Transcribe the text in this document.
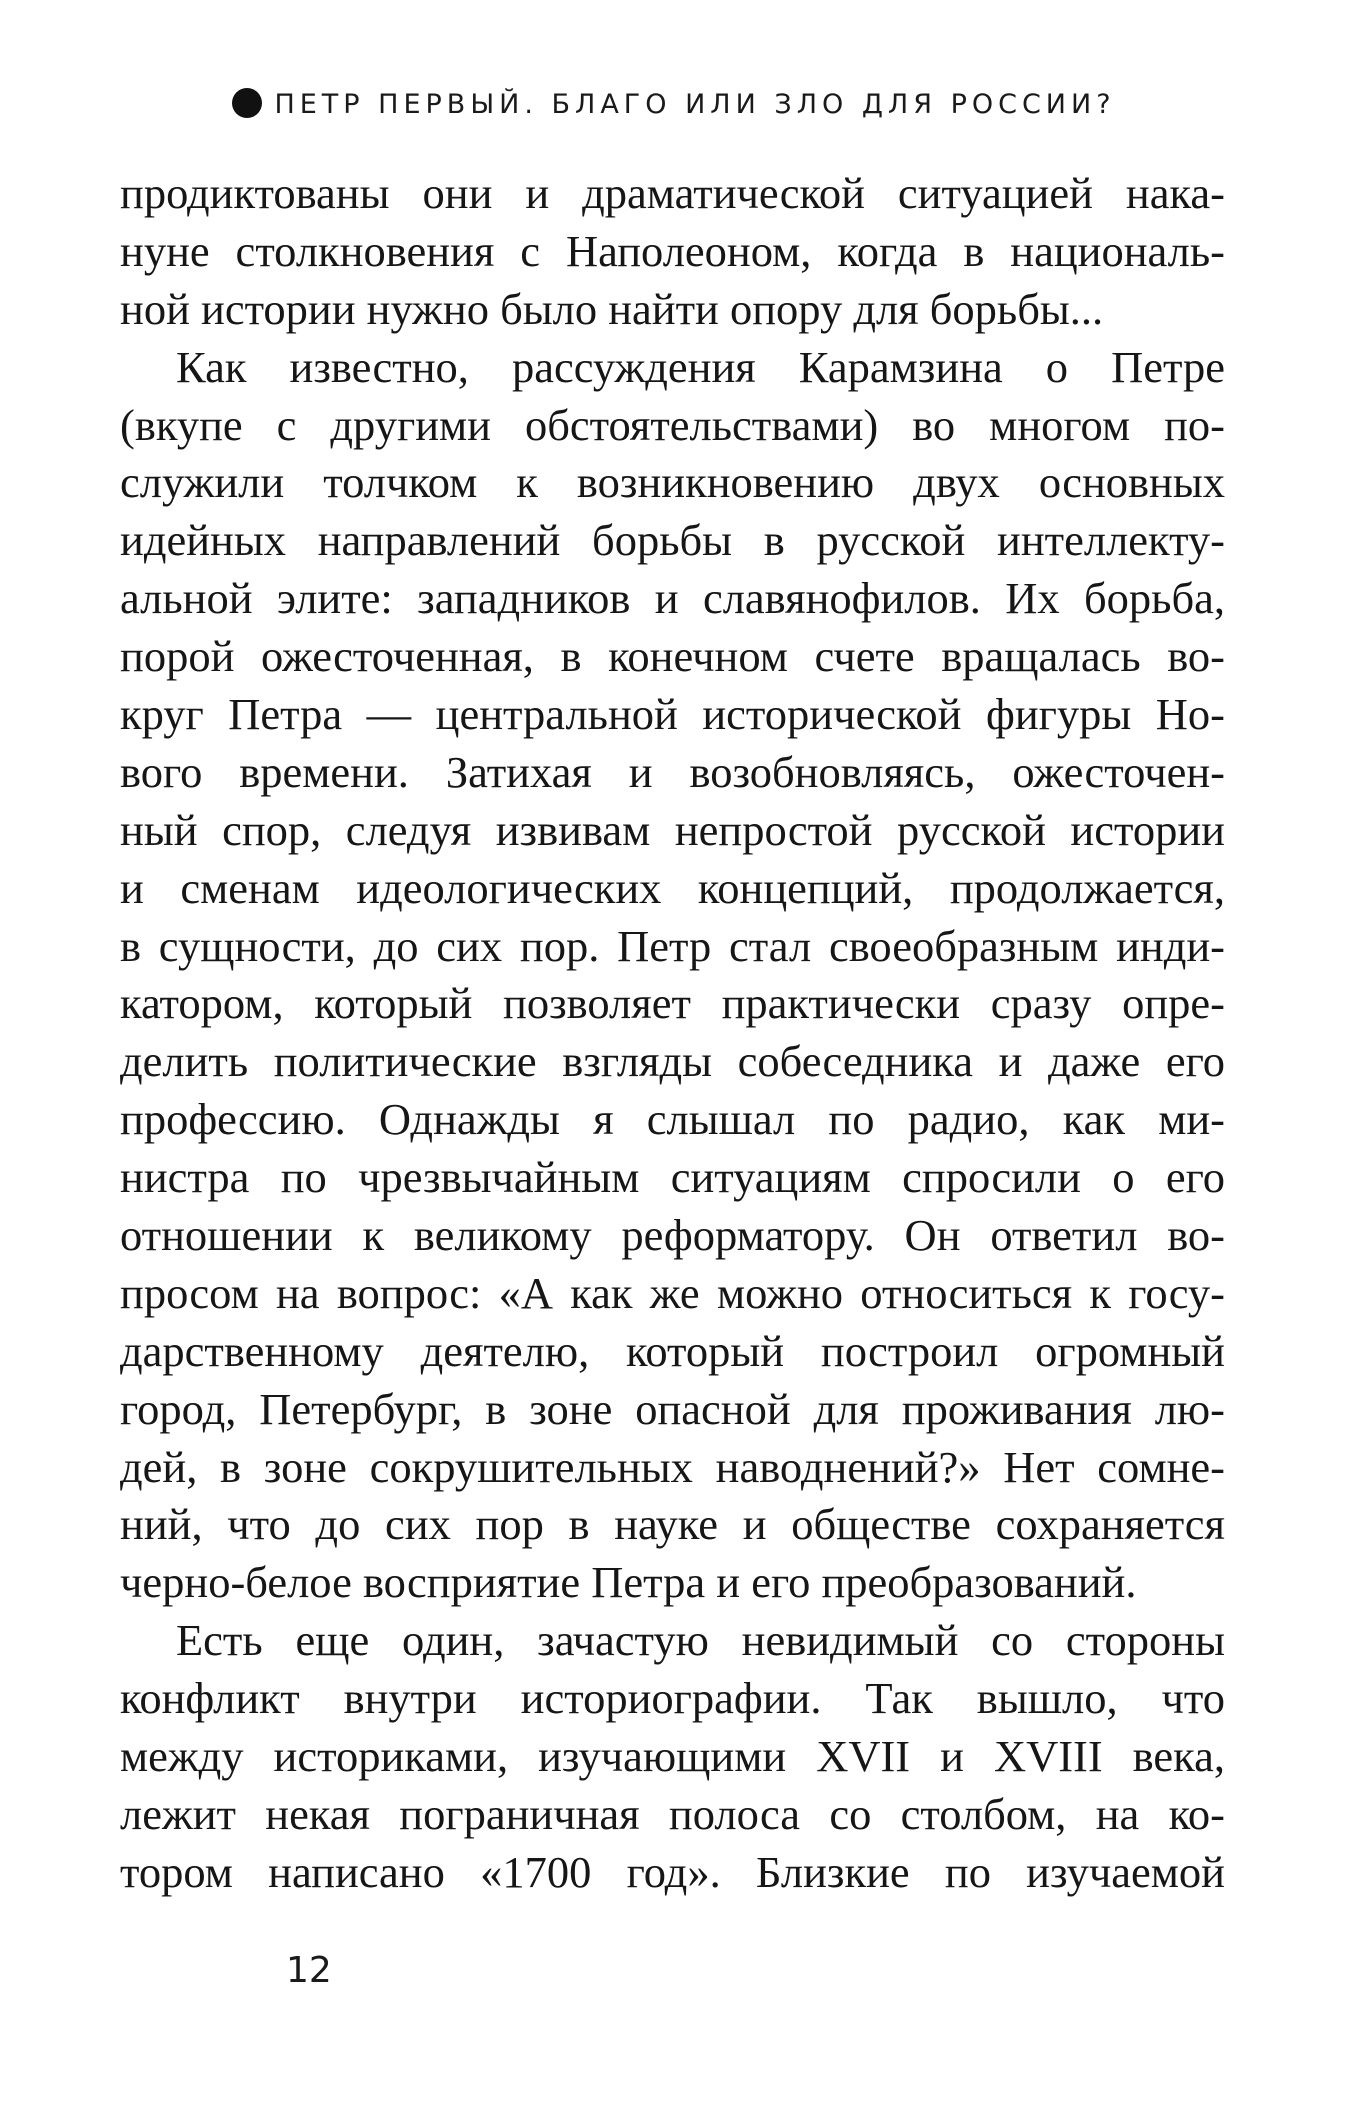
ПЕТР ПЕРВЫЙ. БЛАГО ИЛИ ЗЛО ДЛЯ РОССИИ?
продиктованы они и драматической ситуацией нака-
нуне столкновения с Наполеоном, когда в националь-
ной истории нужно было найти опору для борьбы...
Как известно, рассуждения Карамзина о Петре
(вкупе с другими обстоятельствами) во многом по-
служили толчком к возникновению двух основных
идейных направлений борьбы в русской интеллекту-
альной элите: западников и славянофилов. Их борьба,
порой ожесточенная, в конечном счете вращалась во-
круг Петра — центральной исторической фигуры Но-
вого времени. Затихая и возобновляясь, ожесточен-
ный спор, следуя извивам непростой русской истории
и сменам идеологических концепций, продолжается,
в сущности, до сих пор. Петр стал своеобразным инди-
катором, который позволяет практически сразу опре-
делить политические взгляды собеседника и даже его
профессию. Однажды я слышал по радио, как ми-
нистра по чрезвычайным ситуациям спросили о его
отношении к великому реформатору. Он ответил во-
просом на вопрос: «А как же можно относиться к госу-
дарственному деятелю, который построил огромный
город, Петербург, в зоне опасной для проживания лю-
дей, в зоне сокрушительных наводнений?» Нет сомне-
ний, что до сих пор в науке и обществе сохраняется
черно-белое восприятие Петра и его преобразований.
Есть еще один, зачастую невидимый со стороны
конфликт внутри историографии. Так вышло, что
между историками, изучающими XVII и XVIII века,
лежит некая пограничная полоса со столбом, на ко-
тором написано «1700 год». Близкие по изучаемой
12
